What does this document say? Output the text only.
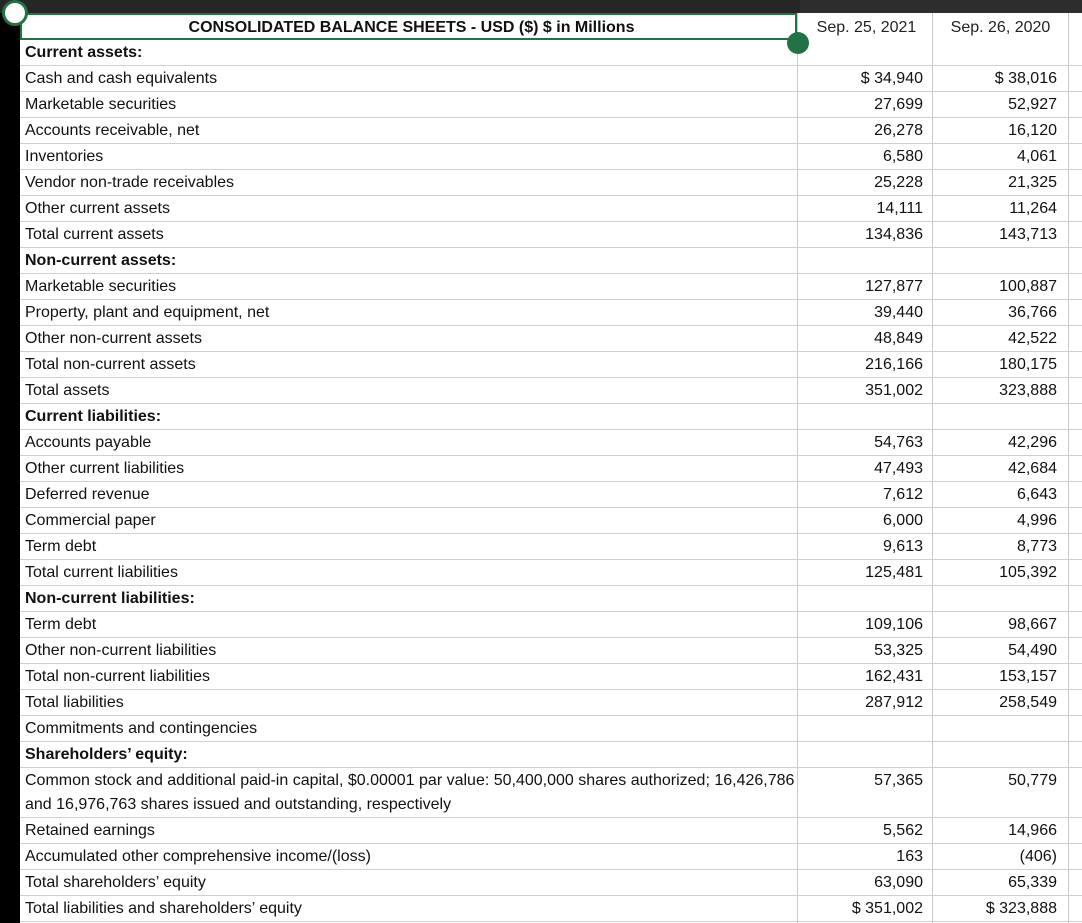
CONSOLIDATED BALANCE SHEETS - USD ($) $ in Millions	Sep. 25, 2021	Sep. 26, 2020
Current assets:
Cash and cash equivalents	$ 34,940	$ 38,016
Marketable securities	27,699	52,927
Accounts receivable, net	26,278	16,120
Inventories	6,580	4,061
Vendor non-trade receivables	25,228	21,325
Other current assets	14,111	11,264
Total current assets	134,836	143,713
Non-current assets:
Marketable securities	127,877	100,887
Property, plant and equipment, net	39,440	36,766
Other non-current assets	48,849	42,522
Total non-current assets	216,166	180,175
Total assets	351,002	323,888
Current liabilities:
Accounts payable	54,763	42,296
Other current liabilities	47,493	42,684
Deferred revenue	7,612	6,643
Commercial paper	6,000	4,996
Term debt	9,613	8,773
Total current liabilities	125,481	105,392
Non-current liabilities:
Term debt	109,106	98,667
Other non-current liabilities	53,325	54,490
Total non-current liabilities	162,431	153,157
Total liabilities	287,912	258,549
Commitments and contingencies
Shareholders’ equity:
Common stock and additional paid-in capital, $0.00001 par value: 50,400,000 shares authorized; 16,426,786 and 16,976,763 shares issued and outstanding, respectively
57,365	50,779
Retained earnings	5,562	14,966
Accumulated other comprehensive income/(loss)	163	(406)
Total shareholders’ equity	63,090	65,339
Total liabilities and shareholders’ equity	$ 351,002	$ 323,888
